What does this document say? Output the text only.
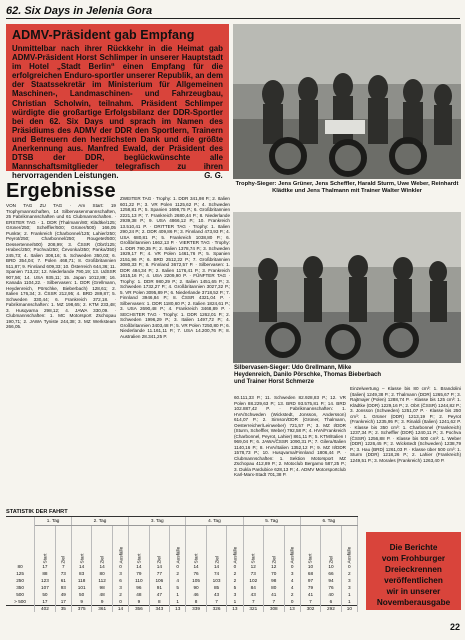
62. Six Days in Jelenia Gora
ADMV-Präsident gab Empfang

Unmittelbar nach ihrer Rückkehr in die Heimat gab ADMV-Präsident Horst Schlimper in unserer Hauptstadt im Hotel „Stadt Berlin“ einen Empfang für die erfolgreichen Enduro-sportler unserer Republik, an dem der Staatssekretär im Ministerium für Allgemeinen Maschinen-, Landmaschinen- und Fahrzeugbau, Christian Scholwin, teilnahm. Präsident Schlimper würdigte die großartige Erfolgsbilanz der DDR-Sportler bei den 62. Six Days und sprach im Namen des Präsidiums des ADMV der DDR den Sportlern, Trainern und Betreuern den herzlichsten Dank und die größte Anerkennung aus. Manfred Ewald, der Präsident des DTSB der DDR, beglückwünschte alle Mannschaftsmitglieder telegrafisch zu ihren hervorragenden Leistungen.	G. G.

Trophy-Sieger: Jens Grüner, Jens Scheffler, Harald Sturm, Uwe Weber, Reinhardt Klädtke und Jens Thalmann mit Trainer Walter Winkler
Ergebnisse
VON TAG ZU TAG · Am Start: 19 Trophymannschaften, 14 Silbervasenmannschaften, 25 Fabrikmannschaften und 61 Clubmannschaften. · ERSTER TAG · 1. DDR (Thalmann/80; Klädtke/125; Grüner/250; Scheffler/500; Grüner/500) 166,05 Punkte; 2. Frankreich (Charbonnel/125; Lahier/250; Peyrot/250; Charbonnel/250; Rougetet/500; Dessertenne/500) 208,99; 3. ČSSR (Obrt/125; Hrabec/250; Pochva/250; Čevonka/350; Panka/350) 245,73; 4. Italien 308,16; 5. Schweden 350,03; 6. BRD 354,04; 7. Polen 468,71; 8. Großbritannien 511,87; 9. Finnland 609,33; 10. Österreich 644,36; 11. Spanien 713,22; 12. Niederlande 790,19; 13. UdSSR 907,56; 14. USA 935,11; 15. Japan 1012,89; 16. Kanada 1104,22. · Silbervasen: 1. DDR (Grellmann, Heydenreich, Pörschke, Bieberbach) 128,61; 2. Italien 176,34; 3. ČSSR 212,95; 4. BRD 289,87; 5. Schweden 330,44; 6. Frankreich 372,18. · Fabrikmannschaften: 1. MZ 198,65; 2. KTM 233,48; 3. Husqvarna 298,12; 4. JAWA 330,09. · Clubmannschaften: 1. MC Motorsport Zschopau 190,71; 2. JAWA Tyniste 244,38; 3. MZ Werksteam 266,05.
ZWEITER TAG · Trophy: 1. DDR 341,98 P.; 2. Italien 601,22 P.; 3. VR Polen 1125,62 P.; 4. Schweden 1258,81 P.; 5. Spanien 1698,75 P.; 6. Großbritannien 2221,13 P.; 7. Frankreich 2680,44 P.; 8. Niederlande 2939,38 P.; 9. USA 4866,12 P.; 10. Frankreich 13.510,41 P. · DRITTER TAG · Trophy: 1. Italien 290,24 P.; 2. DDR 409,86 P.; 3. Finnland 473,93 P.; 4. USA 680,81 P.; 5. Frankreich 1038,80 P.; 6. Großbritannien 1662,13 P. · VIERTER TAG · Trophy: 1. DDR 790,35 P.; 2. Italien 1378,74 P.; 3. Schweden 1929,17 P.; 4. VR Polen 1461,76 P.; 5. Spanien 2151,96 P.; 6. BRD 2512,22 P.; 7. Großbritannien 3080,33 P.; 8. Finnland 3672,57 P. · Silbervasen: 1. DDR 484,34 P.; 2. Italien 1176,41 P.; 3. Frankreich 1615,16 P.; 4. USA 2209,90 P. · FÜNFTER TAG · Trophy: 1. DDR 980,29 P.; 2. Italien 1451,65 P.; 3. Schweden 1732,27 P.; 4. Großbritannien 3027,32 P.; 5. VR Polen 3095,89 P.; 6. Niederlande 3718,52 P.; 7. Finnland 3946,84 P.; 8. ČSSR 4321,04 P. · Silbervasen: 1. DDR 1180,60 P.; 2. Italien 1824,61 P.; 3. USA 2690,48 P.; 4. Frankreich 3468,89 P. · SECHSTER TAG · Trophy: 1. DDR 1262,01 P.; 2. Schweden 1996,29 P.; 3. Italien 1497,72 P.; 4. Großbritannien 3403,48 P.; 5. VR Polen 7250,80 P.; 6. Niederlande 11.161,11 P.; 7. USA 14.200,76 P.; 8. Australien 28.341,25 P.
Silbervasen-Sieger: Udo Grellmann, Mike Heydenreich, Danilo Pörschke, Thomas Bieberbach und Trainer Horst Schmerze
60.111,33 P.; 11. Schweden 82.928,83 P.; 12. VR Polen 88.229,63 P.; 13. BRD 93.575,81 P.; 14. BRD 102.887,42 P. · Fabrikmannschaften: 1. HVA/Schweden (Wickstedt, Jonsson, Andersson) 614,07 P.; 2. Simson/DDR (Grüner, Thalmann, Oesterreicher/Leinweber) 721,57 P.; 3. MZ I/DDR (Sturm, Scheffler, Weber) 792,58 P.; 4. HVA/Frankreich (Charbonnel, Peyrot, Lahier) 861,11 P.; 5. KTM/Italien I 969,04 P.; 6. JAWA/ČSSR 1090,31 P.; 7. Gilera/Italien 1140,16 P.; 8. HVA/Italien 1352,12 P.; 9. MZ II/DDR 1578,73 P.; 10. Husqvarna/Finnland 1806,44 P. · Clubmannschaften: 1. Sektion Motorsport MZ Zschopau 412,89 P.; 2. Motoclub Bergamo 587,25 P.; 3. Dukla Pardubice 628,13 P.; 4. ADMV Motorsportclub Karl-Marx-Stadt 701,38 P.
Einzelwertung – Klasse bis 80 cm³: 1. Brandolini (Italien) 1249,38 P.; 2. Thalmann (DDR) 1265,67 P.; 3. Rajtmajer (Polen) 1288,74 P. · Klasse bis 125 cm³: 1. Klädtke (DDR) 1229,16 P.; 2. Obrt (ČSSR) 1244,82 P.; 3. Jonsson (Schweden) 1251,07 P. · Klasse bis 250 cm³: 1. Grüner (DDR) 1213,19 P.; 2. Peyrot (Frankreich) 1235,95 P.; 3. Rinaldi (Italien) 1241,62 P. · Klasse bis 350 cm³: 1. Charbonnel (Frankreich) 1237,34 P.; 2. Scheffler (DDR) 1240,11 P.; 3. Pochva (ČSSR) 1256,88 P. · Klasse bis 500 cm³: 1. Weber (DDR) 1226,45 P.; 2. Wickstedt (Schweden) 1238,79 P.; 3. Hau (BRD) 1261,03 P. · Klasse über 500 cm³: 1. Sturm (DDR) 1218,26 P.; 2. Lahier (Frankreich) 1249,51 P.; 3. Morales (Frankreich) 1263,40 P.
STATISTIK DER FAHRT
	1. Tag		2. Tag			3. Tag			4. Tag			5. Tag			6. Tag		
	Start	Ziel	Start	Ziel	Ausfälle	Start	Ziel	Ausfälle	Start	Ziel	Ausfälle	Start	Ziel	Ausfälle	Start	Ziel	Ausfälle
80	17	7	14	14	0	14	14	0	14	14	0	12	12	0	10	10	0
125	88	73	83	80	3	79	77	2	76	74	2	73	70	3	68	66	2
250	123	61	118	112	6	110	106	4	105	103	2	102	98	4	97	94	3
350	107	93	101	98	3	96	91	5	90	85	5	84	80	4	79	76	3
500	50	49	50	48	2	48	47	1	46	43	3	43	41	2	41	40	1
> 500	17	17	9	9	0	9	8	1	8	7	1	7	7	0	7	6	1
	402	35	375	361	14	356	343	13	339	326	13	321	308	13	302	292	10
Die Berichte
vom Frohburger
Dreieckrennen
veröffentlichen
wir in unserer
Novemberausgabe
22
